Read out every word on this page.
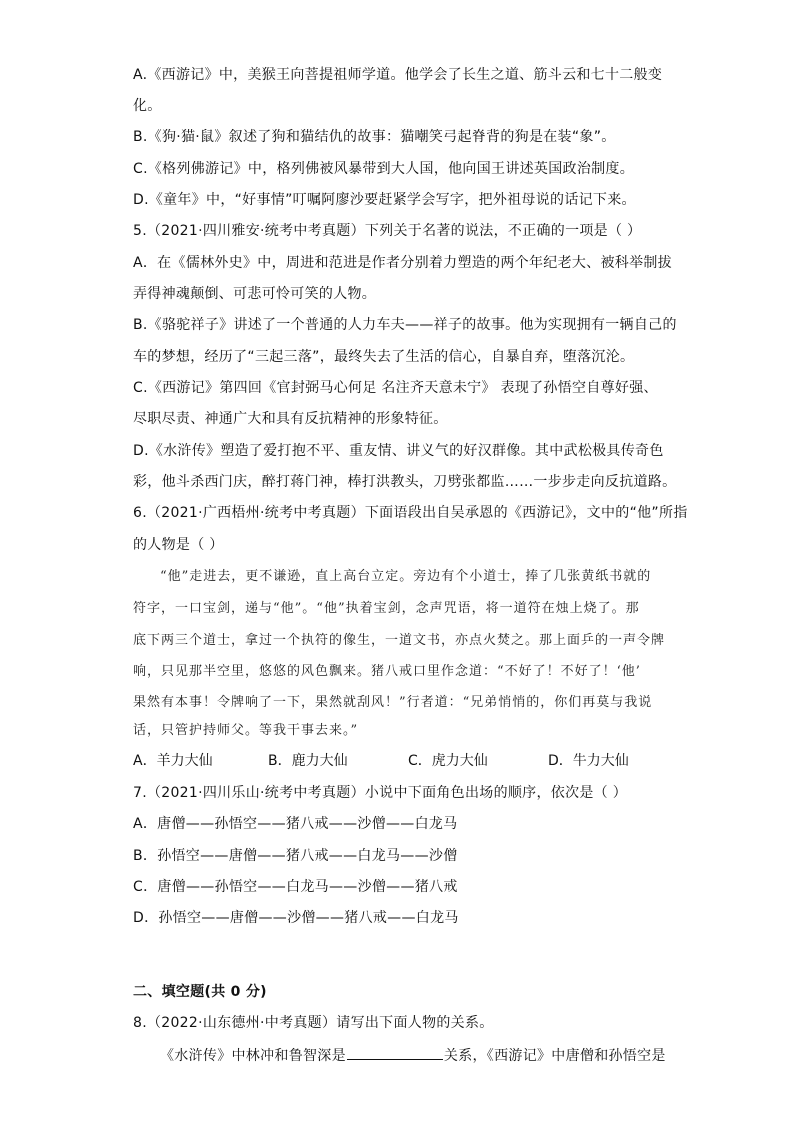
A.《西游记》中，美猴王向菩提祖师学道。他学会了长生之道、筋斗云和七十二般变
化。
B.《狗·猫·鼠》叙述了狗和猫结仇的故事：猫嘲笑弓起脊背的狗是在装“象”。
C.《格列佛游记》中，格列佛被风暴带到大人国，他向国王讲述英国政治制度。
D.《童年》中，“好事情”叮嘱阿廖沙要赶紧学会写字，把外祖母说的话记下来。
5.（2021·四川雅安·统考中考真题）下列关于名著的说法，不正确的一项是（ ）
A．在《儒林外史》中，周进和范进是作者分别着力塑造的两个年纪老大、被科举制拔
弄得神魂颠倒、可悲可怜可笑的人物。
B.《骆驼祥子》讲述了一个普通的人力车夫——祥子的故事。他为实现拥有一辆自己的
车的梦想，经历了“三起三落”，最终失去了生活的信心，自暴自弃，堕落沉沦。
C.《西游记》第四回《官封弼马心何足 名注齐天意未宁》 表现了孙悟空自尊好强、
尽职尽责、神通广大和具有反抗精神的形象特征。
D.《水浒传》塑造了爱打抱不平、重友情、讲义气的好汉群像。其中武松极具传奇色
彩，他斗杀西门庆，醉打蒋门神，棒打洪教头，刀劈张都监……一步步走向反抗道路。
6.（2021·广西梧州·统考中考真题）下面语段出自吴承恩的《西游记》，文中的“他”所指
的人物是（ ）
“他”走进去，更不谦逊，直上高台立定。旁边有个小道士，捧了几张黄纸书就的
符字，一口宝剑，递与“他”。“他”执着宝剑，念声咒语，将一道符在烛上烧了。那
底下两三个道士，拿过一个执符的像生，一道文书，亦点火焚之。那上面乒的一声令牌
响，只见那半空里，悠悠的风色飘来。猪八戒口里作念道：“不好了！不好了！‘他’
果然有本事！令牌响了一下，果然就刮风！”行者道：“兄弟悄悄的，你们再莫与我说
话，只管护持师父。等我干事去来。”
A．羊力大仙	B．鹿力大仙	C．虎力大仙	D．牛力大仙
7.（2021·四川乐山·统考中考真题）小说中下面角色出场的顺序，依次是（ ）
A．唐僧——孙悟空——猪八戒——沙僧——白龙马
B．孙悟空——唐僧——猪八戒——白龙马——沙僧
C．唐僧——孙悟空——白龙马——沙僧——猪八戒
D．孙悟空——唐僧——沙僧——猪八戒——白龙马
二、填空题(共 0 分)
8.（2022·山东德州·中考真题）请写出下面人物的关系。
《水浒传》中林冲和鲁智深是	关系，《西游记》中唐僧和孙悟空是
